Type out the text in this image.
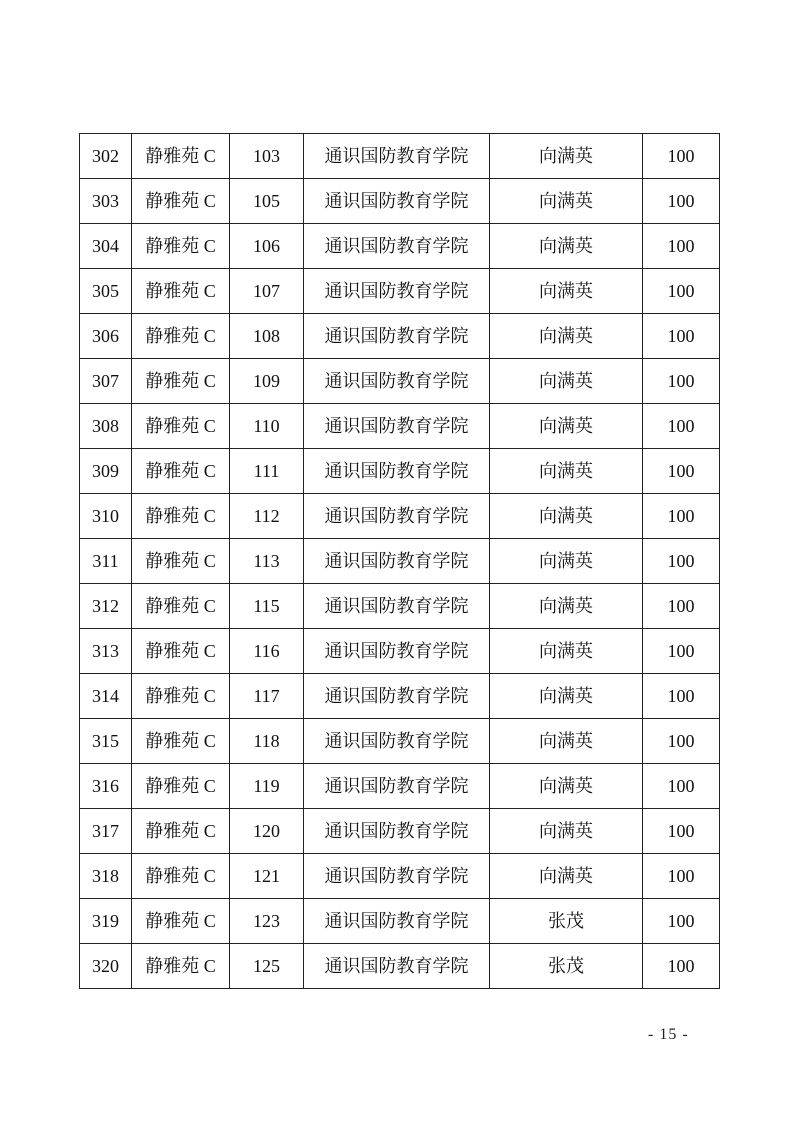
302	静雅苑 C	103	通识国防教育学院	向满英	100
303	静雅苑 C	105	通识国防教育学院	向满英	100
304	静雅苑 C	106	通识国防教育学院	向满英	100
305	静雅苑 C	107	通识国防教育学院	向满英	100
306	静雅苑 C	108	通识国防教育学院	向满英	100
307	静雅苑 C	109	通识国防教育学院	向满英	100
308	静雅苑 C	110	通识国防教育学院	向满英	100
309	静雅苑 C	111	通识国防教育学院	向满英	100
310	静雅苑 C	112	通识国防教育学院	向满英	100
311	静雅苑 C	113	通识国防教育学院	向满英	100
312	静雅苑 C	115	通识国防教育学院	向满英	100
313	静雅苑 C	116	通识国防教育学院	向满英	100
314	静雅苑 C	117	通识国防教育学院	向满英	100
315	静雅苑 C	118	通识国防教育学院	向满英	100
316	静雅苑 C	119	通识国防教育学院	向满英	100
317	静雅苑 C	120	通识国防教育学院	向满英	100
318	静雅苑 C	121	通识国防教育学院	向满英	100
319	静雅苑 C	123	通识国防教育学院	张茂	100
320	静雅苑 C	125	通识国防教育学院	张茂	100
- 15 -
